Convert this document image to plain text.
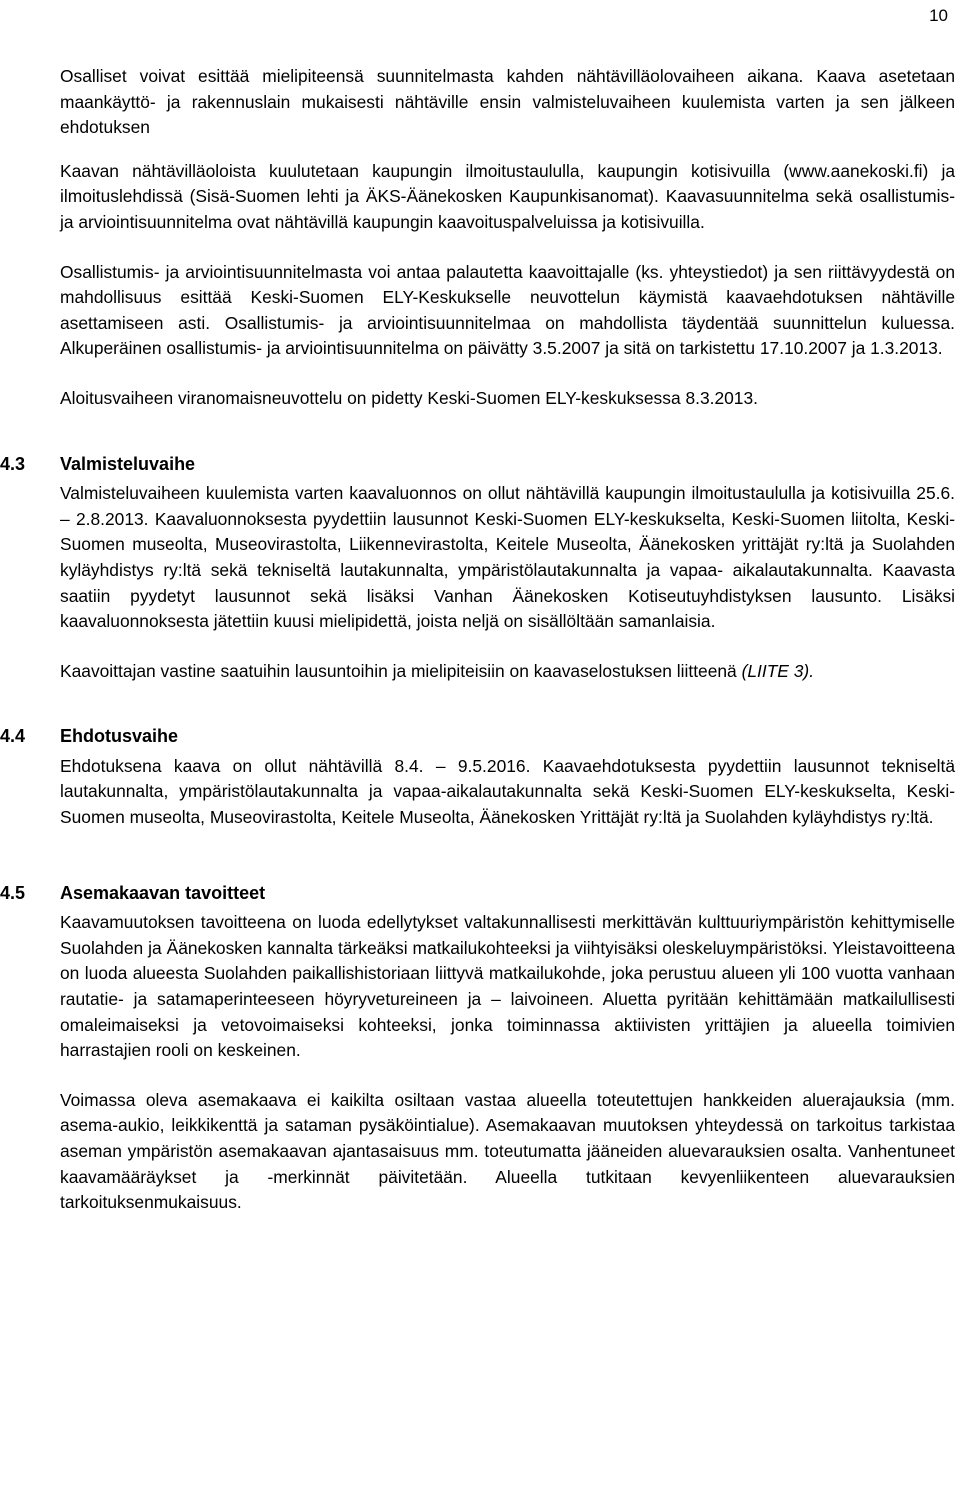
10

Osalliset voivat esittää mielipiteensä suunnitelmasta kahden nähtävilläolovaiheen aikana. Kaava asetetaan maankäyttö- ja rakennuslain mukaisesti nähtäville ensin valmisteluvaiheen kuulemista varten ja sen jälkeen ehdotuksen

Kaavan nähtävilläoloista kuulutetaan kaupungin ilmoitustaululla, kaupungin kotisivuilla (www.aanekoski.fi) ja ilmoituslehdissä (Sisä-Suomen lehti ja ÄKS-Äänekosken Kaupunkisanomat). Kaavasuunnitelma sekä osallistumis- ja arviointisuunnitelma ovat nähtävillä kaupungin kaavoituspalveluissa ja kotisivuilla.

Osallistumis- ja arviointisuunnitelmasta voi antaa palautetta kaavoittajalle (ks. yhteystiedot) ja sen riittävyydestä on mahdollisuus esittää Keski-Suomen ELY-Keskukselle neuvottelun käymistä kaavaehdotuksen nähtäville asettamiseen asti. Osallistumis- ja arviointisuunnitelmaa on mahdollista täydentää suunnittelun kuluessa. Alkuperäinen osallistumis- ja arviointisuunnitelma on päivätty 3.5.2007 ja sitä on tarkistettu 17.10.2007 ja 1.3.2013.

Aloitusvaiheen viranomaisneuvottelu on pidetty Keski-Suomen ELY-keskuksessa 8.3.2013.

4.3 Valmisteluvaihe

Valmisteluvaiheen kuulemista varten kaavaluonnos on ollut nähtävillä kaupungin ilmoitustaululla ja kotisivuilla 25.6. – 2.8.2013. Kaavaluonnoksesta pyydettiin lausunnot Keski-Suomen ELY-keskukselta, Keski-Suomen liitolta, Keski-Suomen museolta, Museovirastolta, Liikennevirastolta, Keitele Museolta, Äänekosken yrittäjät ry:ltä ja Suolahden kyläyhdistys ry:ltä sekä tekniseltä lautakunnalta, ympäristölautakunnalta ja vapaa- aikalautakunnalta. Kaavasta saatiin pyydetyt lausunnot sekä lisäksi Vanhan Äänekosken Kotiseutuyhdistyksen lausunto. Lisäksi kaavaluonnoksesta jätettiin kuusi mielipidettä, joista neljä on sisällöltään samanlaisia.

Kaavoittajan vastine saatuihin lausuntoihin ja mielipiteisiin on kaavaselostuksen liitteenä (LIITE 3).

4.4 Ehdotusvaihe

Ehdotuksena kaava on ollut nähtävillä 8.4. – 9.5.2016. Kaavaehdotuksesta pyydettiin lausunnot tekniseltä lautakunnalta, ympäristölautakunnalta ja vapaa-aikalautakunnalta sekä Keski-Suomen ELY-keskukselta, Keski-Suomen museolta, Museovirastolta, Keitele Museolta, Äänekosken Yrittäjät ry:ltä ja Suolahden kyläyhdistys ry:ltä.

4.5 Asemakaavan tavoitteet

Kaavamuutoksen tavoitteena on luoda edellytykset valtakunnallisesti merkittävän kulttuuriympäristön kehittymiselle Suolahden ja Äänekosken kannalta tärkeäksi matkailukohteeksi ja viihtyisäksi oleskeluympäristöksi. Yleistavoitteena on luoda alueesta Suolahden paikallishistoriaan liittyvä matkailukohde, joka perustuu alueen yli 100 vuotta vanhaan rautatie- ja satamaperinteeseen höyryvetureineen ja – laivoineen. Aluetta pyritään kehittämään matkailullisesti omaleimaiseksi ja vetovoimaiseksi kohteeksi, jonka toiminnassa aktiivisten yrittäjien ja alueella toimivien harrastajien rooli on keskeinen.

Voimassa oleva asemakaava ei kaikilta osiltaan vastaa alueella toteutettujen hankkeiden aluerajauksia (mm. asema-aukio, leikkikenttä ja sataman pysäköintialue). Asemakaavan muutoksen yhteydessä on tarkoitus tarkistaa aseman ympäristön asemakaavan ajantasaisuus mm. toteutumatta jääneiden aluevarauksien osalta. Vanhentuneet kaavamääräykset ja -merkinnät päivitetään. Alueella tutkitaan kevyenliikenteen aluevarauksien tarkoituksenmukaisuus.
